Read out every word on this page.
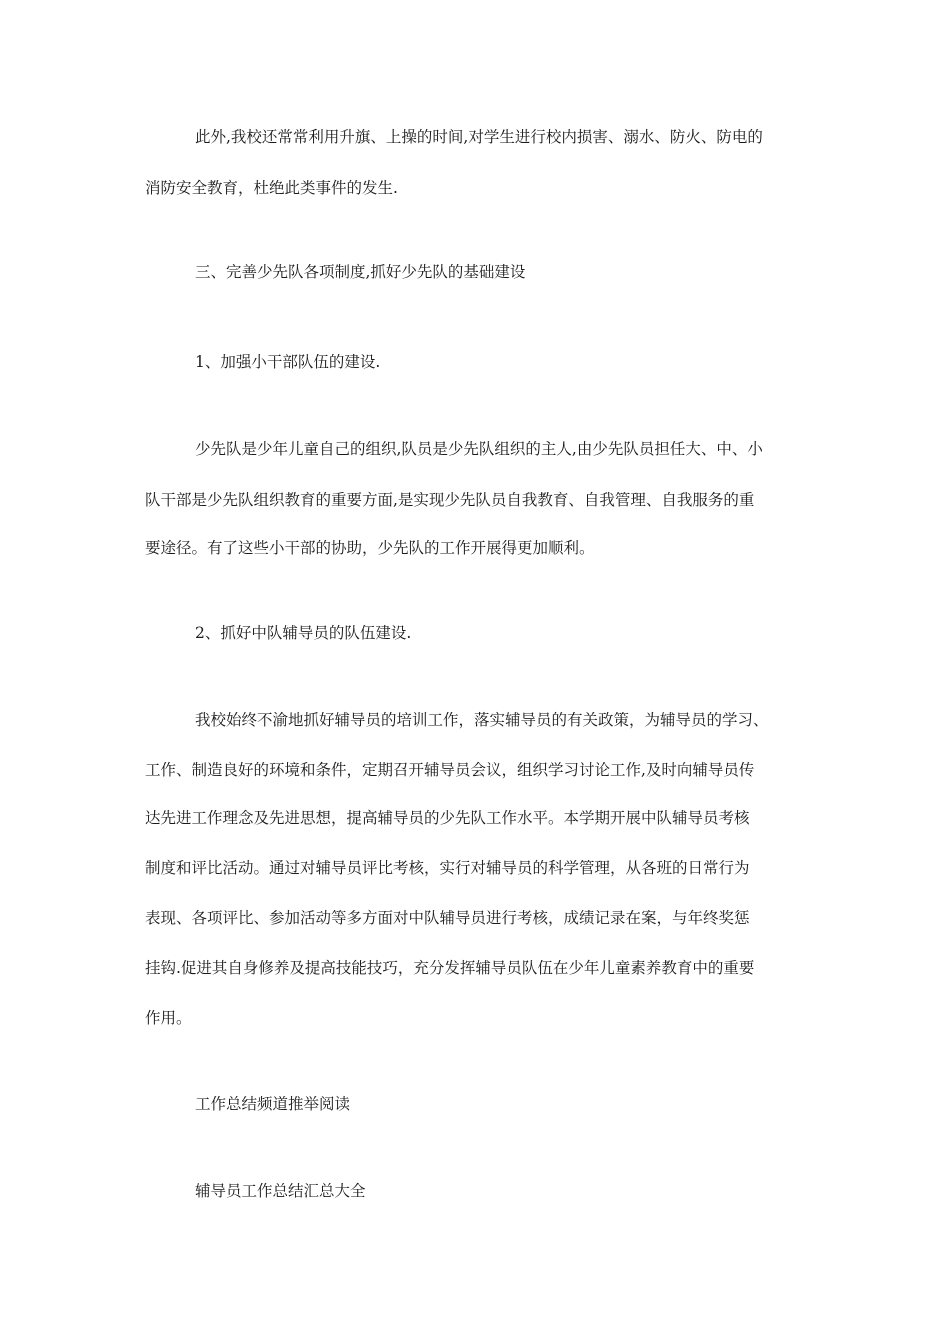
此外,我校还常常利用升旗、上操的时间,对学生进行校内损害、溺水、防火、防电的
消防安全教育，杜绝此类事件的发生.
三、完善少先队各项制度,抓好少先队的基础建设
1、加强小干部队伍的建设.
少先队是少年儿童自己的组织,队员是少先队组织的主人,由少先队员担任大、中、小
队干部是少先队组织教育的重要方面,是实现少先队员自我教育、自我管理、自我服务的重
要途径。有了这些小干部的协助，少先队的工作开展得更加顺利。
2、抓好中队辅导员的队伍建设.
我校始终不渝地抓好辅导员的培训工作，落实辅导员的有关政策，为辅导员的学习、
工作、制造良好的环境和条件，定期召开辅导员会议，组织学习讨论工作,及时向辅导员传
达先进工作理念及先进思想，提高辅导员的少先队工作水平。本学期开展中队辅导员考核
制度和评比活动。通过对辅导员评比考核，实行对辅导员的科学管理，从各班的日常行为
表现、各项评比、参加活动等多方面对中队辅导员进行考核，成绩记录在案，与年终奖惩
挂钩.促进其自身修养及提高技能技巧，充分发挥辅导员队伍在少年儿童素养教育中的重要
作用。
工作总结频道推举阅读
辅导员工作总结汇总大全
